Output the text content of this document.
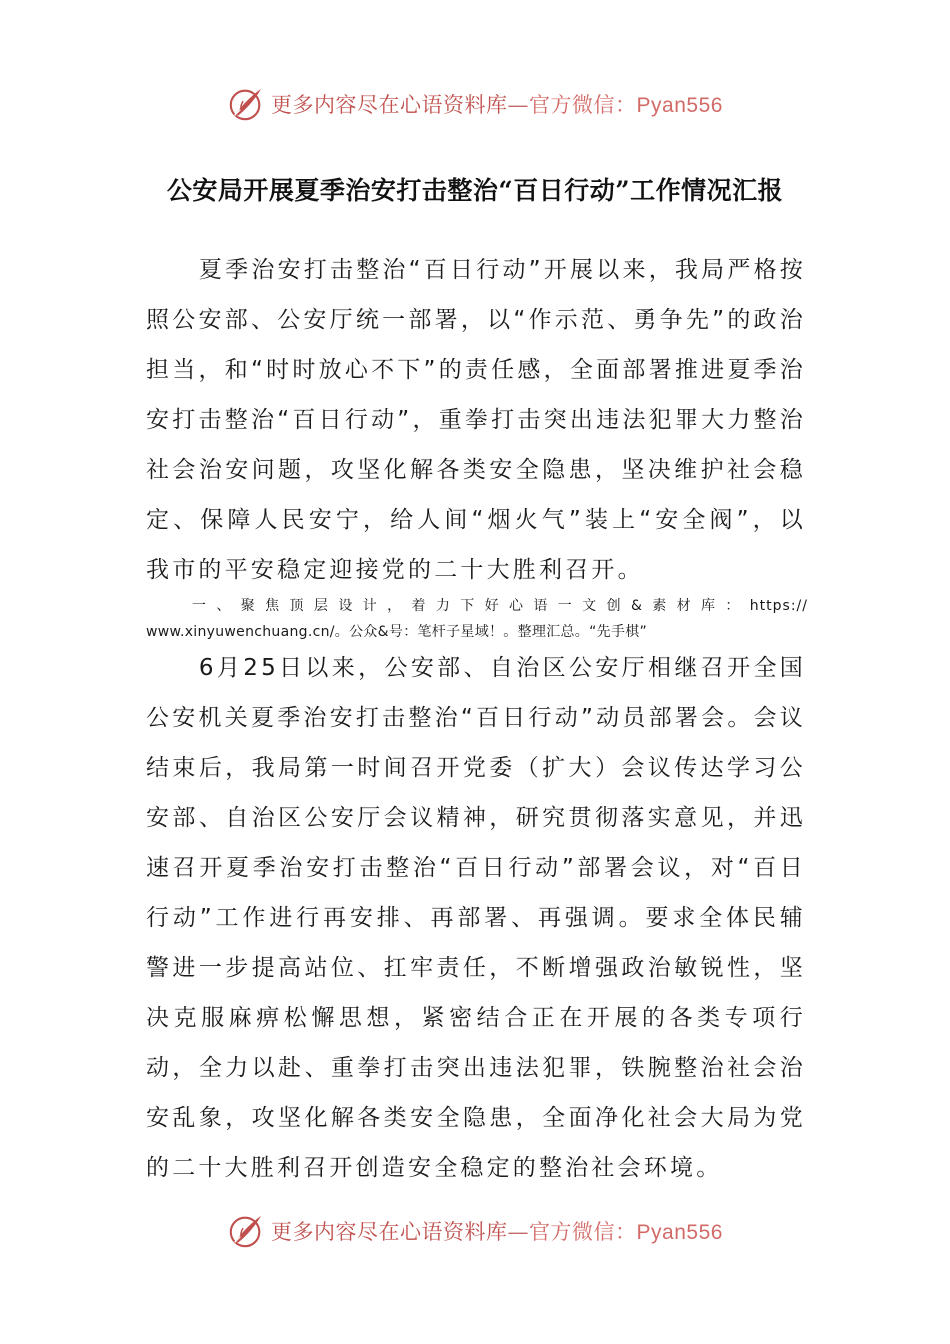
更多内容尽在心语资料库—官方微信：Pyan556
公安局开展夏季治安打击整治“百日行动”工作情况汇报
夏季治安打击整治“百日行动”开展以来，我局严格按照公安部、公安厅统一部署，以“作示范、勇争先”的政治担当，和“时时放心不下”的责任感，全面部署推进夏季治安打击整治“百日行动”，重拳打击突出违法犯罪大力整治社会治安问题，攻坚化解各类安全隐患，坚决维护社会稳定、保障人民安宁，给人间“烟火气”装上“安全阀”，以我市的平安稳定迎接党的二十大胜利召开。
一、聚焦顶层设计，着力下好心语一文创&素材库：https://
www.xinyuwenchuang.cn/。公众&号：笔杆子星域！。整理汇总。“先手棋”
6月25日以来，公安部、自治区公安厅相继召开全国公安机关夏季治安打击整治“百日行动”动员部署会。会议结束后，我局第一时间召开党委（扩大）会议传达学习公安部、自治区公安厅会议精神，研究贯彻落实意见，并迅速召开夏季治安打击整治“百日行动”部署会议，对“百日行动”工作进行再安排、再部署、再强调。要求全体民辅警进一步提高站位、扛牢责任，不断增强政治敏锐性，坚决克服麻痹松懈思想，紧密结合正在开展的各类专项行动，全力以赴、重拳打击突出违法犯罪，铁腕整治社会治安乱象，攻坚化解各类安全隐患，全面净化社会大局为党的二十大胜利召开创造安全稳定的整治社会环境。
更多内容尽在心语资料库—官方微信：Pyan556
